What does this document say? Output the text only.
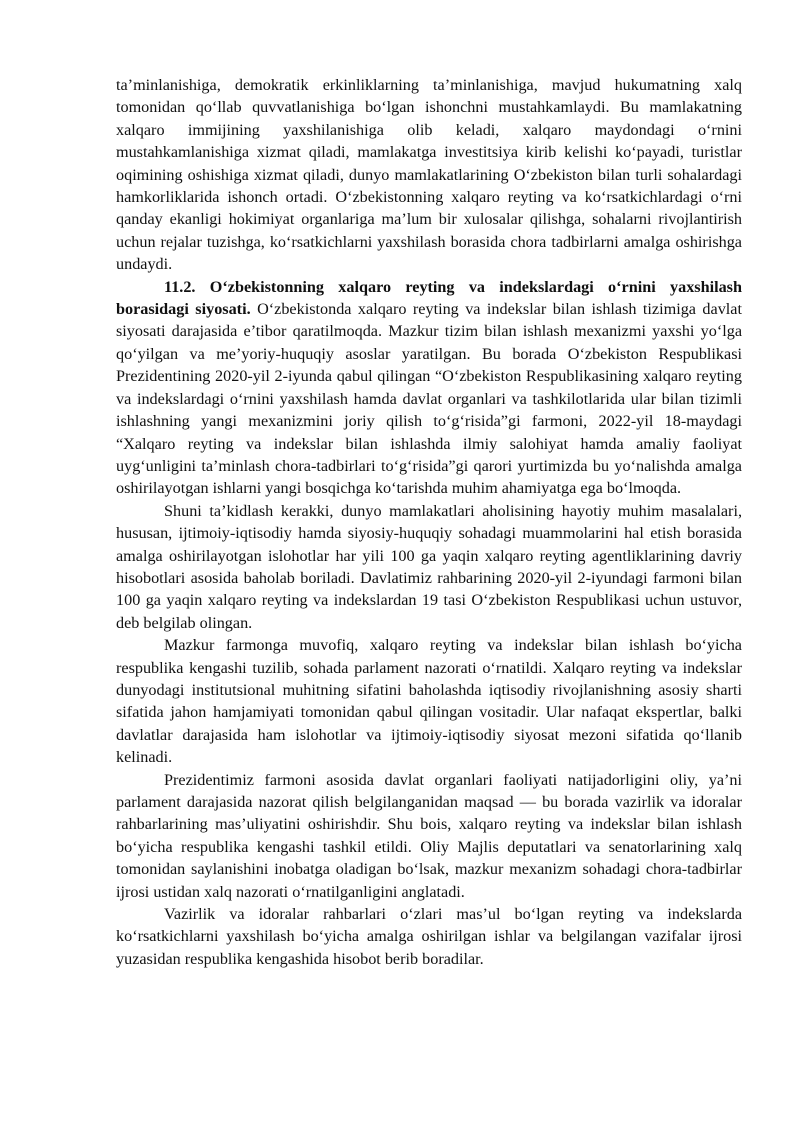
ta’minlanishiga, demokratik erkinliklarning ta’minlanishiga, mavjud hukumatning xalq tomonidan qo‘llab quvvatlanishiga bo‘lgan ishonchni mustahkamlaydi. Bu mamlakatning xalqaro immijining yaxshilanishiga olib keladi, xalqaro maydondagi o‘rnini mustahkamlanishiga xizmat qiladi, mamlakatga investitsiya kirib kelishi ko‘payadi, turistlar oqimining oshishiga xizmat qiladi, dunyo mamlakatlarining O‘zbekiston bilan turli sohalardagi hamkorliklarida ishonch ortadi. O‘zbekistonning xalqaro reyting va ko‘rsatkichlardagi o‘rni qanday ekanligi hokimiyat organlariga ma’lum bir xulosalar qilishga, sohalarni rivojlantirish uchun rejalar tuzishga, ko‘rsatkichlarni yaxshilash borasida chora tadbirlarni amalga oshirishga undaydi.

11.2. O‘zbekistonning xalqaro reyting va indekslardagi o‘rnini yaxshilash borasidagi siyosati. O‘zbekistonda xalqaro reyting va indekslar bilan ishlash tizimiga davlat siyosati darajasida e’tibor qaratilmoqda. Mazkur tizim bilan ishlash mexanizmi yaxshi yo‘lga qo‘yilgan va me’yoriy-huquqiy asoslar yaratilgan. Bu borada O‘zbekiston Respublikasi Prezidentining 2020-yil 2-iyunda qabul qilingan “O‘zbekiston Respublikasining xalqaro reyting va indekslardagi o‘rnini yaxshilash hamda davlat organlari va tashkilotlarida ular bilan tizimli ishlashning yangi mexanizmini joriy qilish to‘g‘risida”gi farmoni, 2022-yil 18-maydagi “Xalqaro reyting va indekslar bilan ishlashda ilmiy salohiyat hamda amaliy faoliyat uyg‘unligini ta’minlash chora-tadbirlari to‘g‘risida”gi qarori yurtimizda bu yo‘nalishda amalga oshirilayotgan ishlarni yangi bosqichga ko‘tarishda muhim ahamiyatga ega bo‘lmoqda.

Shuni ta’kidlash kerakki, dunyo mamlakatlari aholisining hayotiy muhim masalalari, hususan, ijtimoiy-iqtisodiy hamda siyosiy-huquqiy sohadagi muammolarini hal etish borasida amalga oshirilayotgan islohotlar har yili 100 ga yaqin xalqaro reyting agentliklarining davriy hisobotlari asosida baholab boriladi. Davlatimiz rahbarining 2020-yil 2-iyundagi farmoni bilan 100 ga yaqin xalqaro reyting va indekslardan 19 tasi O‘zbekiston Respublikasi uchun ustuvor, deb belgilab olingan.

Mazkur farmonga muvofiq, xalqaro reyting va indekslar bilan ishlash bo‘yicha respublika kengashi tuzilib, sohada parlament nazorati o‘rnatildi. Xalqaro reyting va indekslar dunyodagi institutsional muhitning sifatini baholashda iqtisodiy rivojlanishning asosiy sharti sifatida jahon hamjamiyati tomonidan qabul qilingan vositadir. Ular nafaqat ekspertlar, balki davlatlar darajasida ham islohotlar va ijtimoiy-iqtisodiy siyosat mezoni sifatida qo‘llanib kelinadi.

Prezidentimiz farmoni asosida davlat organlari faoliyati natijadorligini oliy, ya’ni parlament darajasida nazorat qilish belgilanganidan maqsad — bu borada vazirlik va idoralar rahbarlarining mas’uliyatini oshirishdir. Shu bois, xalqaro reyting va indekslar bilan ishlash bo‘yicha respublika kengashi tashkil etildi. Oliy Majlis deputatlari va senatorlarining xalq tomonidan saylanishini inobatga oladigan bo‘lsak, mazkur mexanizm sohadagi chora-tadbirlar ijrosi ustidan xalq nazorati o‘rnatilganligini anglatadi.

Vazirlik va idoralar rahbarlari o‘zlari mas’ul bo‘lgan reyting va indekslarda ko‘rsatkichlarni yaxshilash bo‘yicha amalga oshirilgan ishlar va belgilangan vazifalar ijrosi yuzasidan respublika kengashida hisobot berib boradilar.
